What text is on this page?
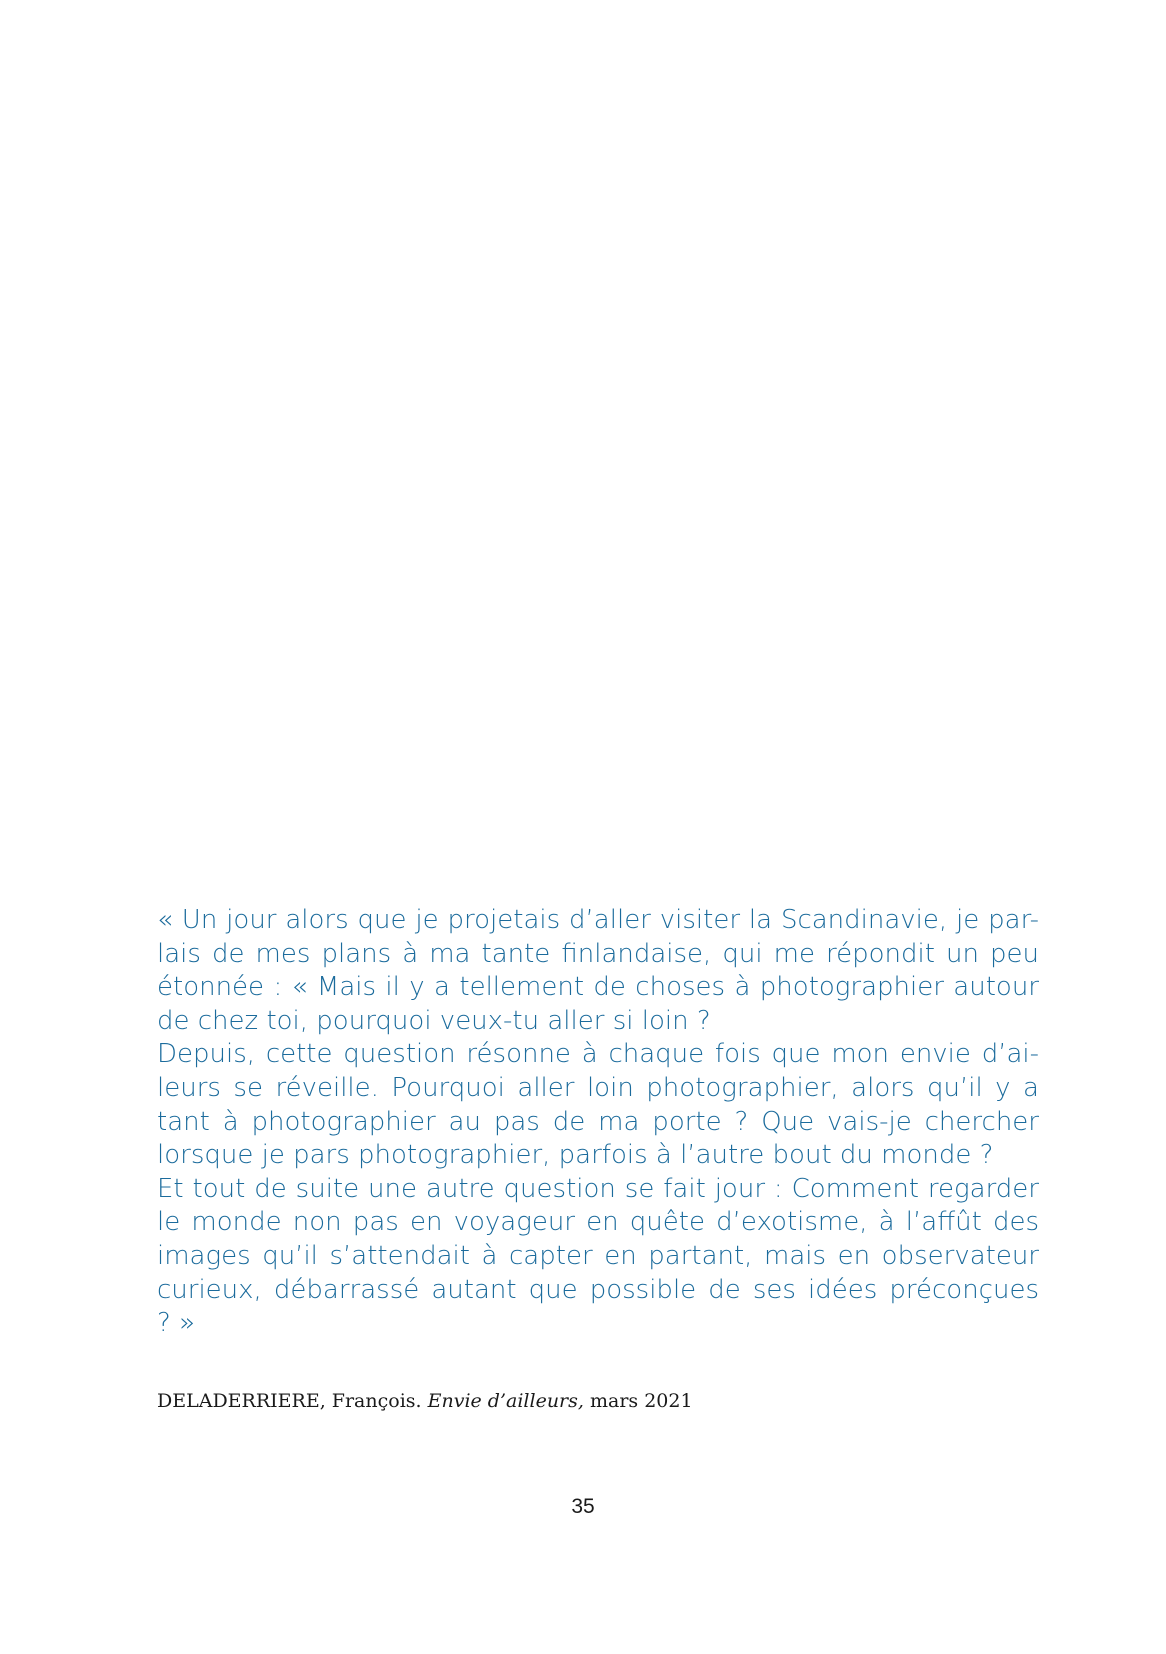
« Un jour alors que je projetais d’aller visiter la Scandinavie, je par-
lais de mes plans à ma tante finlandaise, qui me répondit un peu
étonnée : « Mais il y a tellement de choses à photographier autour
de chez toi, pourquoi veux-tu aller si loin ?
Depuis, cette question résonne à chaque fois que mon envie d’ai-
leurs se réveille. Pourquoi aller loin photographier, alors qu’il y a
tant à photographier au pas de ma porte ? Que vais-je chercher
lorsque je pars photographier, parfois à l’autre bout du monde ?
Et tout de suite une autre question se fait jour : Comment regarder
le monde non pas en voyageur en quête d’exotisme, à l’affût des
images qu’il s’attendait à capter en partant, mais en observateur
curieux, débarrassé autant que possible de ses idées préconçues
? »
DELADERRIERE, François. Envie d’ailleurs, mars 2021
35
